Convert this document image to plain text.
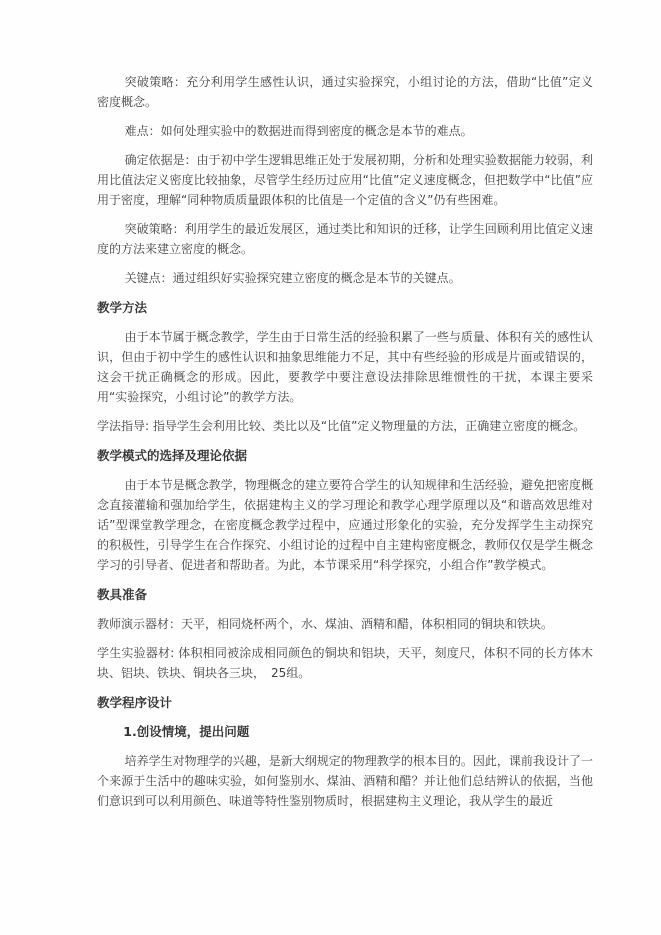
突破策略：充分利用学生感性认识，通过实验探究，小组讨论的方法，借助“比值”定义密度概念。

难点：如何处理实验中的数据进而得到密度的概念是本节的难点。

确定依据是：由于初中学生逻辑思维正处于发展初期，分析和处理实验数据能力较弱，利用比值法定义密度比较抽象，尽管学生经历过应用“比值”定义速度概念，但把数学中“比值”应用于密度，理解“同种物质质量跟体积的比值是一个定值的含义”仍有些困难。

突破策略：利用学生的最近发展区，通过类比和知识的迁移，让学生回顾利用比值定义速度的方法来建立密度的概念。

关键点：通过组织好实验探究建立密度的概念是本节的关键点。

教学方法

由于本节属于概念教学，学生由于日常生活的经验积累了一些与质量、体积有关的感性认识，但由于初中学生的感性认识和抽象思维能力不足，其中有些经验的形成是片面或错误的，这会干扰正确概念的形成。因此，要教学中要注意设法排除思维惯性的干扰，本课主要采用“实验探究，小组讨论”的教学方法。

学法指导: 指导学生会利用比较、类比以及“比值”定义物理量的方法，正确建立密度的概念。

教学模式的选择及理论依据

由于本节是概念教学，物理概念的建立要符合学生的认知规律和生活经验，避免把密度概念直接灌输和强加给学生，依据建构主义的学习理论和教学心理学原理以及“和谐高效思维对话”型课堂教学理念，在密度概念教学过程中，应通过形象化的实验，充分发挥学生主动探究的积极性，引导学生在合作探究、小组讨论的过程中自主建构密度概念，教师仅仅是学生概念学习的引导者、促进者和帮助者。为此，本节课采用“科学探究，小组合作”教学模式。

教具准备

教师演示器材：天平，相同烧杯两个，水、煤油、酒精和醋，体积相同的铜块和铁块。

学生实验器材: 体积相同被涂成相同颜色的铜块和铝块，天平，刻度尺，体积不同的长方体木块、铝块、铁块、铜块各三块，　25组。

教学程序设计
1.创设情境，提出问题

培养学生对物理学的兴趣，是新大纲规定的物理教学的根本目的。因此，课前我设计了一个来源于生活中的趣味实验，如何鉴别水、煤油、酒精和醋？并让他们总结辨认的依据，当他们意识到可以利用颜色、味道等特性鉴别物质时，根据建构主义理论，我从学生的最近
